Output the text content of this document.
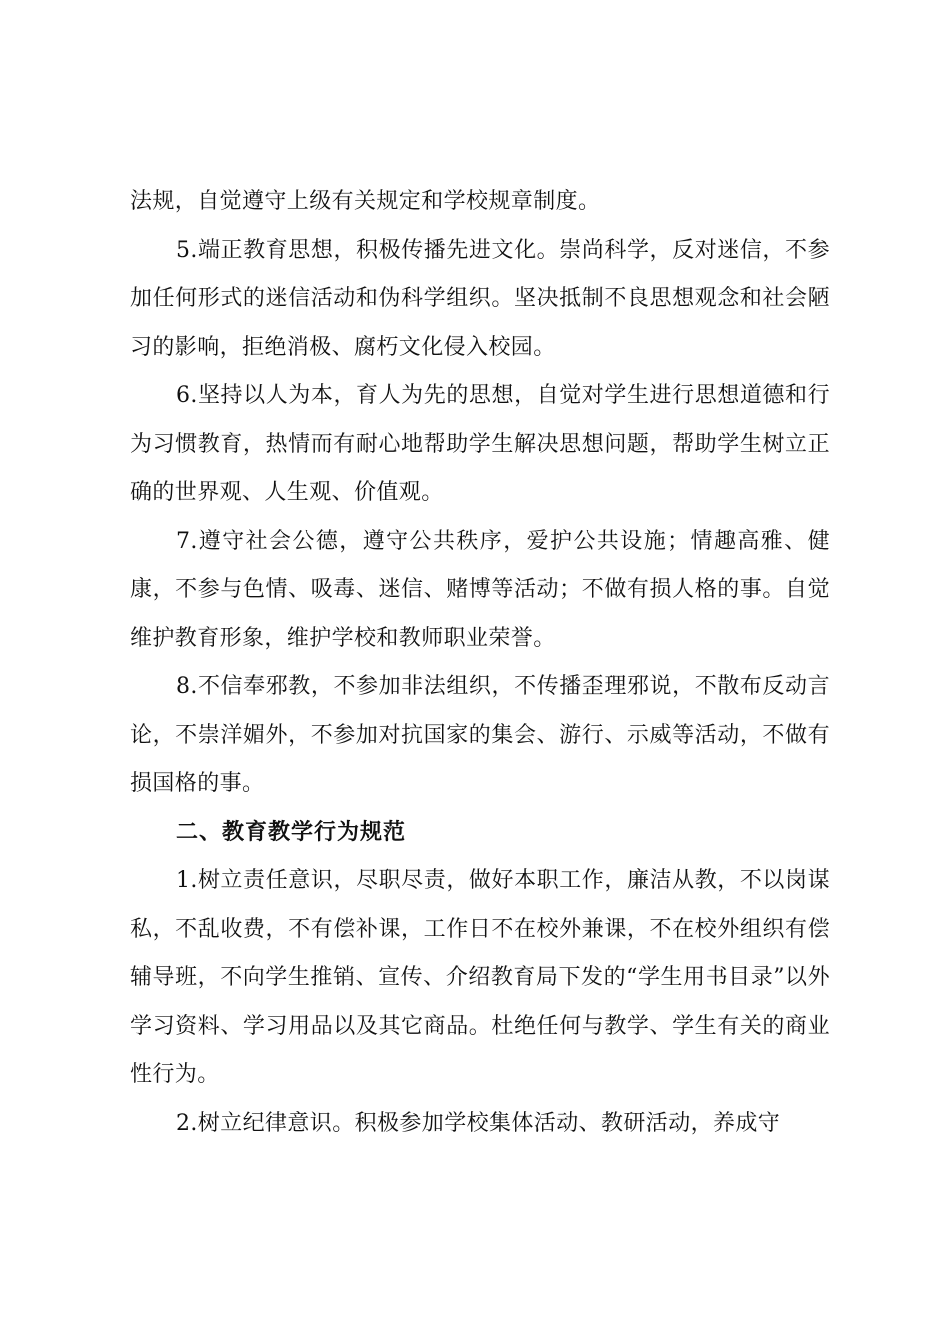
法规，自觉遵守上级有关规定和学校规章制度。

5.端正教育思想，积极传播先进文化。崇尚科学，反对迷信，不参加任何形式的迷信活动和伪科学组织。坚决抵制不良思想观念和社会陋习的影响，拒绝消极、腐朽文化侵入校园。

6.坚持以人为本，育人为先的思想，自觉对学生进行思想道德和行为习惯教育，热情而有耐心地帮助学生解决思想问题，帮助学生树立正确的世界观、人生观、价值观。

7.遵守社会公德，遵守公共秩序，爱护公共设施；情趣高雅、健康，不参与色情、吸毒、迷信、赌博等活动；不做有损人格的事。自觉维护教育形象，维护学校和教师职业荣誉。

8.不信奉邪教，不参加非法组织，不传播歪理邪说，不散布反动言论，不崇洋媚外，不参加对抗国家的集会、游行、示威等活动，不做有损国格的事。

二、教育教学行为规范

1.树立责任意识，尽职尽责，做好本职工作，廉洁从教，不以岗谋私，不乱收费，不有偿补课，工作日不在校外兼课，不在校外组织有偿辅导班，不向学生推销、宣传、介绍教育局下发的“学生用书目录”以外学习资料、学习用品以及其它商品。杜绝任何与教学、学生有关的商业性行为。

2.树立纪律意识。积极参加学校集体活动、教研活动，养成守
